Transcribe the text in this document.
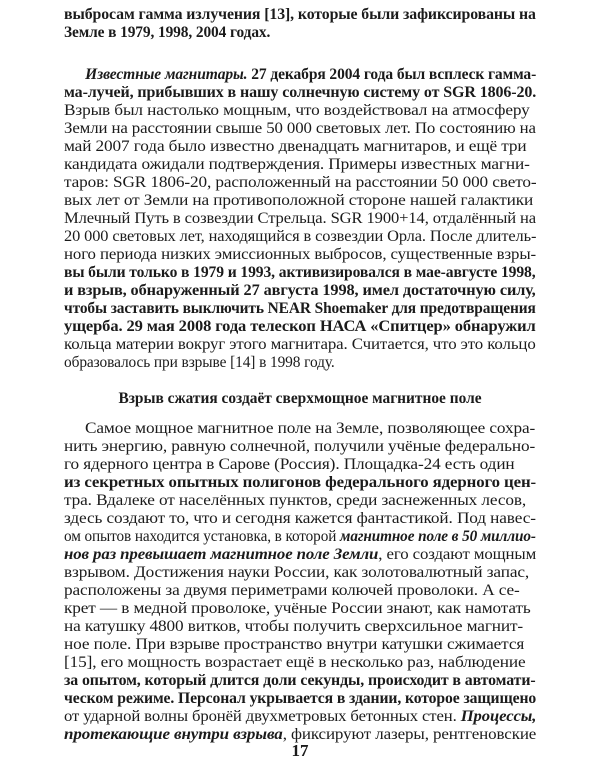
выбросам гамма излучения [13], которые были зафиксированы на
Земле в 1979, 1998, 2004 годах.
Известные магнитары. 27 декабря 2004 года был всплеск гамма-
ма-лучей, прибывших в нашу солнечную систему от SGR 1806-20.
Взрыв был настолько мощным, что воздействовал на атмосферу
Земли на расстоянии свыше 50 000 световых лет. По состоянию на
май 2007 года было известно двенадцать магнитаров, и ещё три
кандидата ожидали подтверждения. Примеры известных магни-
таров: SGR 1806-20, расположенный на расстоянии 50 000 свето-
вых лет от Земли на противоположной стороне нашей галактики
Млечный Путь в созвездии Стрельца. SGR 1900+14, отдалённый на
20 000 световых лет, находящийся в созвездии Орла. После длитель-
ного периода низких эмиссионных выбросов, существенные взры-
вы были только в 1979 и 1993, активизировался в мае-августе 1998,
и взрыв, обнаруженный 27 августа 1998, имел достаточную силу,
чтобы заставить выключить NEAR Shoemaker для предотвращения
ущерба. 29 мая 2008 года телескоп НАСА «Спитцер» обнаружил
кольца материи вокруг этого магнитара. Считается, что это кольцо
образовалось при взрыве [14] в 1998 году.
Взрыв сжатия создаёт сверхмощное магнитное поле
Самое мощное магнитное поле на Земле, позволяющее сохра-
нить энергию, равную солнечной, получили учёные федерально-
го ядерного центра в Сарове (Россия). Площадка-24 есть один
из секретных опытных полигонов федерального ядерного цен-
тра. Вдалеке от населённых пунктов, среди заснеженных лесов,
здесь создают то, что и сегодня кажется фантастикой. Под навес-
ом опытов находится установка, в которой магнитное поле в 50 миллио-
нов раз превышает магнитное поле Земли, его создают мощным
взрывом. Достижения науки России, как золотовалютный запас,
расположены за двумя периметрами колючей проволоки. А се-
крет — в медной проволоке, учёные России знают, как намотать
на катушку 4800 витков, чтобы получить сверхсильное магнит-
ное поле. При взрыве пространство внутри катушки сжимается
[15], его мощность возрастает ещё в несколько раз, наблюдение
за опытом, который длится доли секунды, происходит в автомати-
ческом режиме. Персонал укрывается в здании, которое защищено
от ударной волны бронёй двухметровых бетонных стен. Процессы,
протекающие внутри взрыва, фиксируют лазеры, рентгеновские
17
